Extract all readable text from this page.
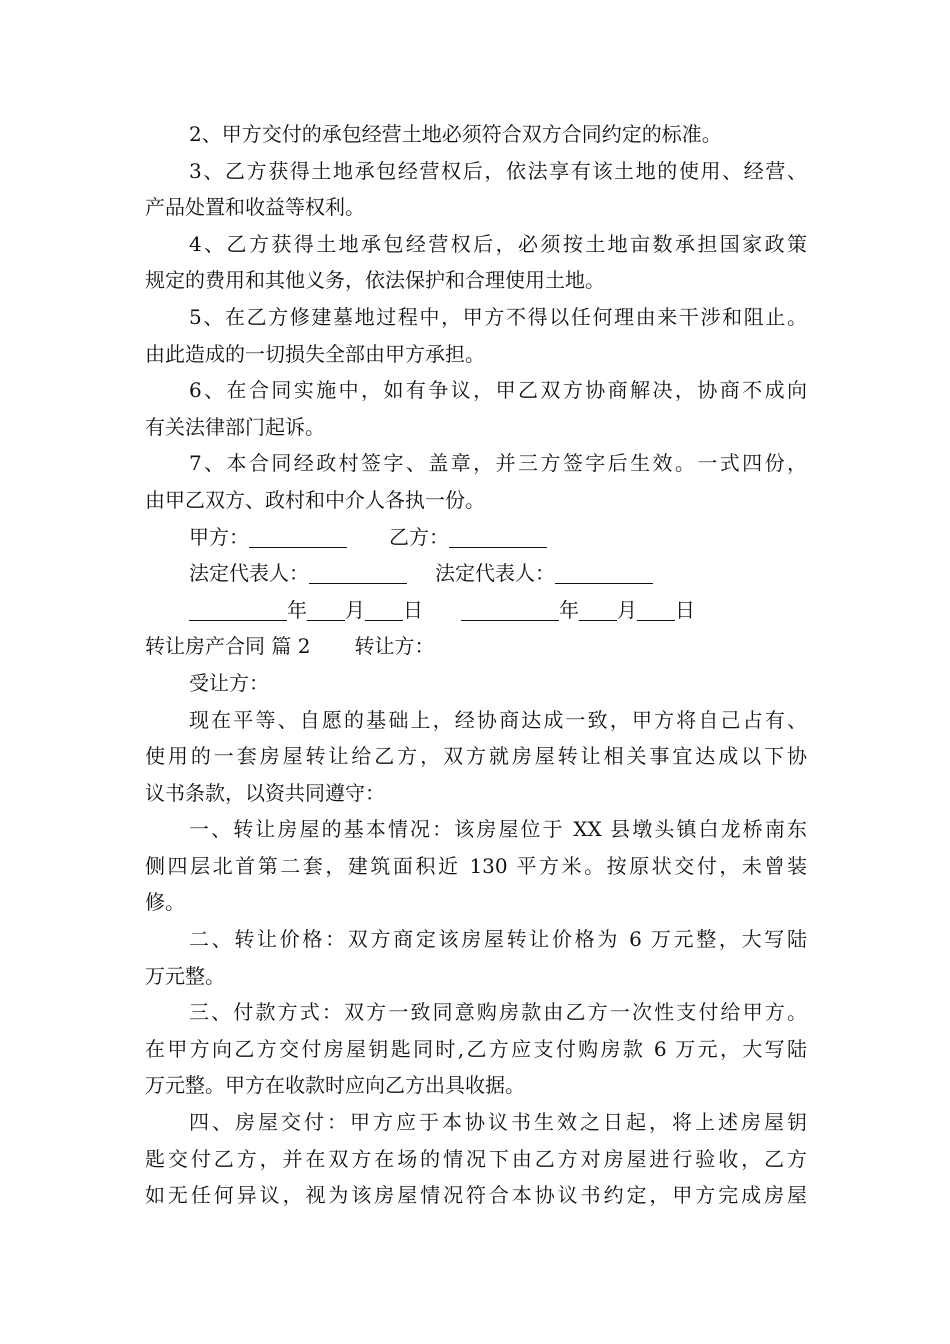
2、甲方交付的承包经营土地必须符合双方合同约定的标准。
3、乙方获得土地承包经营权后，依法享有该土地的使用、经营、
产品处置和收益等权利。
4、乙方获得土地承包经营权后，必须按土地亩数承担国家政策
规定的费用和其他义务，依法保护和合理使用土地。
5、在乙方修建墓地过程中，甲方不得以任何理由来干涉和阻止。
由此造成的一切损失全部由甲方承担。
6、在合同实施中，如有争议，甲乙双方协商解决，协商不成向
有关法律部门起诉。
7、本合同经政村签字、盖章，并三方签字后生效。一式四份，
由甲乙双方、政村和中介人各执一份。
甲方：	乙方：
法定代表人：	法定代表人：
年 月 日	年 月 日
转让房产合同 篇 2 转让方：
受让方：
现在平等、自愿的基础上，经协商达成一致，甲方将自己占有、
使用的一套房屋转让给乙方，双方就房屋转让相关事宜达成以下协
议书条款，以资共同遵守：
一、转让房屋的基本情况：该房屋位于 XX 县墩头镇白龙桥南东
侧四层北首第二套，建筑面积近 130 平方米。按原状交付，未曾装
修。
二、转让价格：双方商定该房屋转让价格为 6 万元整，大写陆
万元整。
三、付款方式：双方一致同意购房款由乙方一次性支付给甲方。
在甲方向乙方交付房屋钥匙同时,乙方应支付购房款 6 万元，大写陆
万元整。甲方在收款时应向乙方出具收据。
四、房屋交付：甲方应于本协议书生效之日起，将上述房屋钥
匙交付乙方，并在双方在场的情况下由乙方对房屋进行验收，乙方
如无任何异议，视为该房屋情况符合本协议书约定，甲方完成房屋
